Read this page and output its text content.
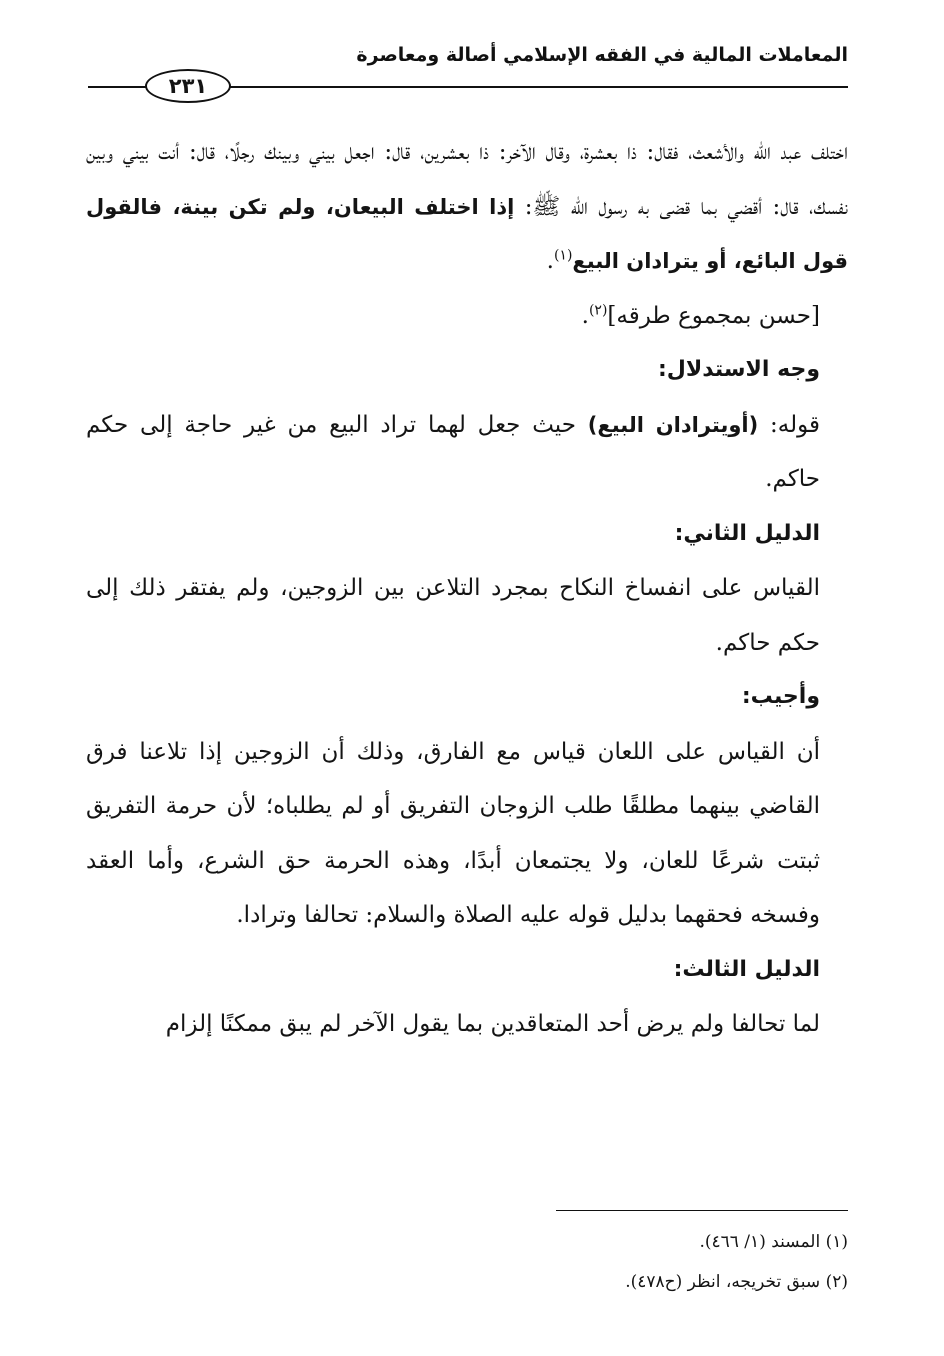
المعاملات المالية في الفقه الإسلامي أصالة ومعاصرة
٢٣١

اختلف عبد الله والأشعث، فقال: ذا بعشرة، وقال الآخر: ذا بعشرين، قال: اجعل بيني وبينك رجلًا، قال: أنت بيني وبين نفسك، قال: أقضي بما قضى به رسول الله ﷺ: إذا اختلف البيعان، ولم تكن بينة، فالقول قول البائع، أو يترادان البيع$^{(١)}$.

[حسن بمجموع طرقه]$^{(٢)}$.

وجه الاستدلال:

قوله: (أويترادان البيع) حيث جعل لهما تراد البيع من غير حاجة إلى حكم حاكم.

الدليل الثاني:

القياس على انفساخ النكاح بمجرد التلاعن بين الزوجين، ولم يفتقر ذلك إلى حكم حاكم.

وأجيب:

أن القياس على اللعان قياس مع الفارق، وذلك أن الزوجين إذا تلاعنا فرق القاضي بينهما مطلقًا طلب الزوجان التفريق أو لم يطلباه؛ لأن حرمة التفريق ثبتت شرعًا للعان، ولا يجتمعان أبدًا، وهذه الحرمة حق الشرع، وأما العقد وفسخه فحقهما بدليل قوله عليه الصلاة والسلام: تحالفا وترادا.

الدليل الثالث:

لما تحالفا ولم يرض أحد المتعاقدين بما يقول الآخر لم يبق ممكنًا إلزام

(١) المسند (١/ ٤٦٦).

(٢) سبق تخريجه، انظر (ح٤٧٨).
